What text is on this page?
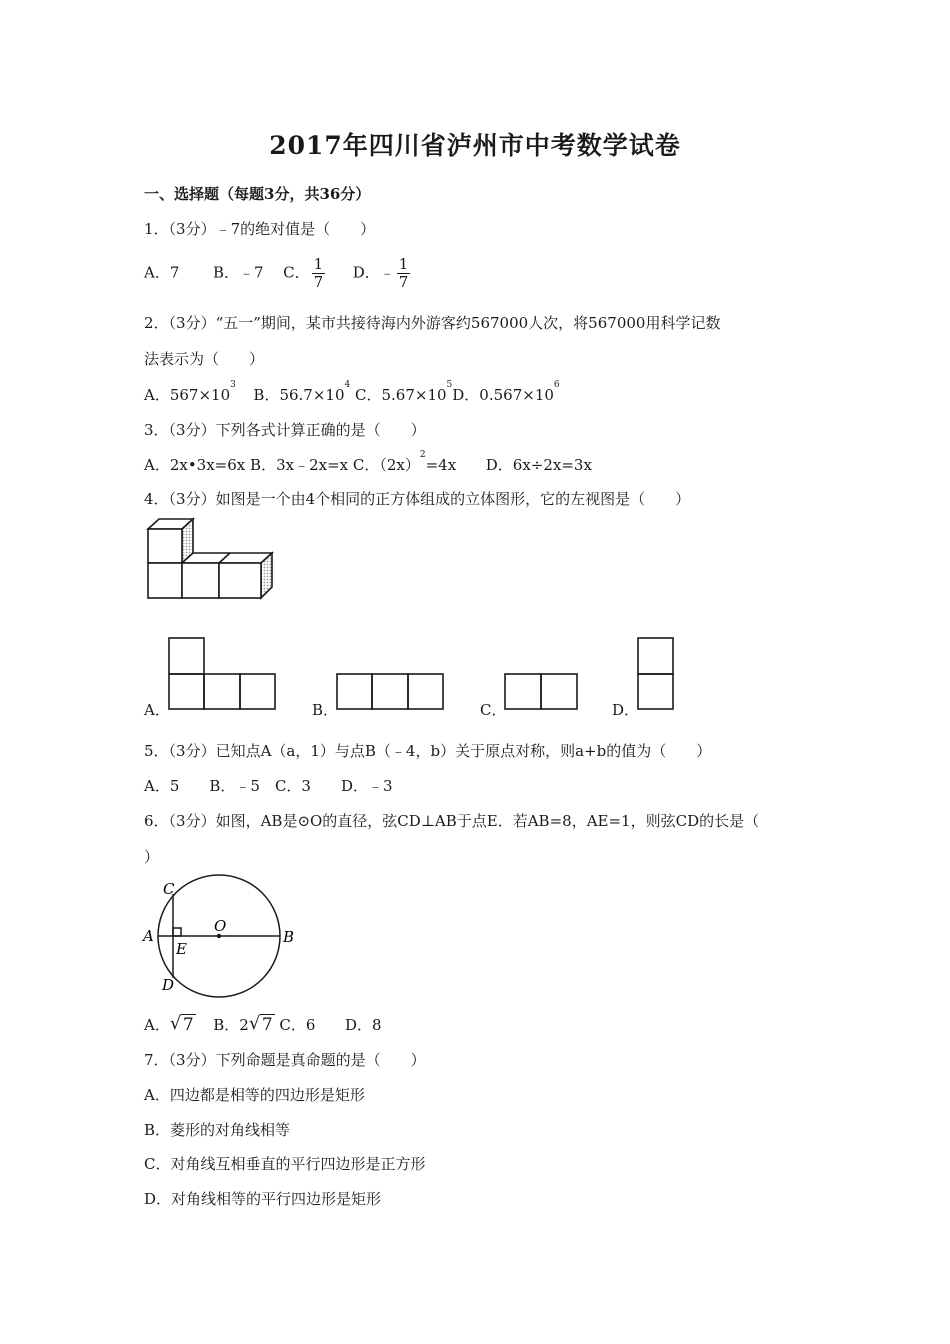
2017年四川省泸州市中考数学试卷
一、选择题（每题3分，共36分）
1．（3分）﹣7的绝对值是（　　）
A．7 B．﹣7 C． $\frac{1}{7}$ D．﹣ $\frac{1}{7}$
2．（3分）“五一”期间，某市共接待海内外游客约567000人次，将567000用科学记数
法表示为（　　）
A．$567\times 10^3$  B．$56.7\times 10^4$ C．$5.67\times 10^5D$．$0.567\times 10^6$
3．（3分）下列各式计算正确的是（　　）
A．2x•3x=6x B．3x﹣2x=x C．$(2x)^2=4x$ D．6x÷2x=3x
4．（3分）如图是一个由4个相同的正方体组成的立体图形，它的左视图是（　　）
A．	B．	C．	D．
5．（3分）已知点A（a，1）与点B（﹣4，b）关于原点对称，则a+b的值为（　　）
A．5　　B．﹣5　C．3　　D．﹣3
6．（3分）如图，AB是⊙O的直径，弦CD⊥AB于点E．若AB=8，AE=1，则弦CD的长是（
）
C
A
E
O
B
D
A． √ 7 B．2 √ 7 C．6 D．8
7．（3分）下列命题是真命题的是（　　）
A．四边都是相等的四边形是矩形
B．菱形的对角线相等
C．对角线互相垂直的平行四边形是正方形
D．对角线相等的平行四边形是矩形
